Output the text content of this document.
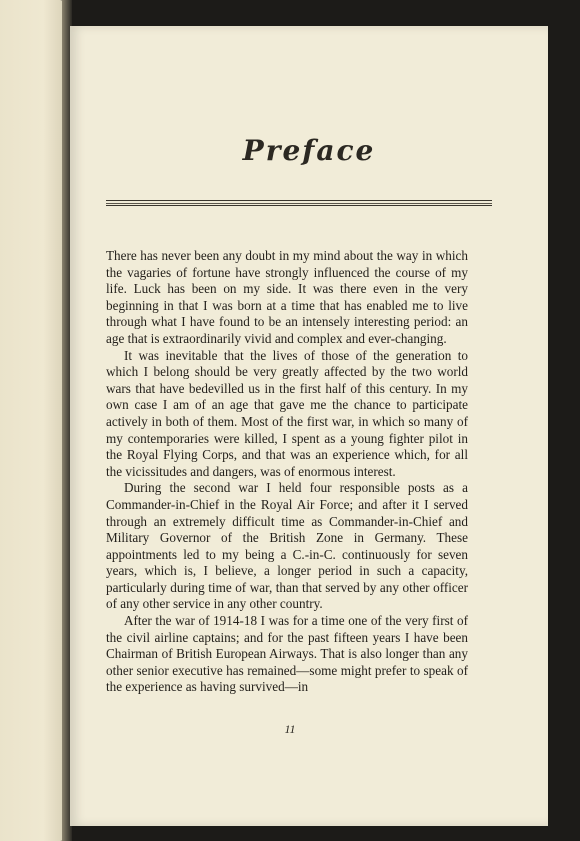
Preface

There has never been any doubt in my mind about the way in which the vagaries of fortune have strongly influenced the course of my life. Luck has been on my side. It was there even in the very beginning in that I was born at a time that has enabled me to live through what I have found to be an intensely interesting period: an age that is extraordinarily vivid and complex and ever-changing.

It was inevitable that the lives of those of the generation to which I belong should be very greatly affected by the two world wars that have bedevilled us in the first half of this century. In my own case I am of an age that gave me the chance to participate actively in both of them. Most of the first war, in which so many of my contemporaries were killed, I spent as a young fighter pilot in the Royal Flying Corps, and that was an experience which, for all the vicissitudes and dangers, was of enormous interest.

During the second war I held four responsible posts as a Commander-in-Chief in the Royal Air Force; and after it I served through an extremely difficult time as Commander-in-Chief and Military Governor of the British Zone in Germany. These appointments led to my being a C.-in-C. continuously for seven years, which is, I believe, a longer period in such a capacity, particularly during time of war, than that served by any other officer of any other service in any other country.

After the war of 1914-18 I was for a time one of the very first of the civil airline captains; and for the past fifteen years I have been Chairman of British European Airways. That is also longer than any other senior executive has remained—some might prefer to speak of the experience as having survived—in

11
